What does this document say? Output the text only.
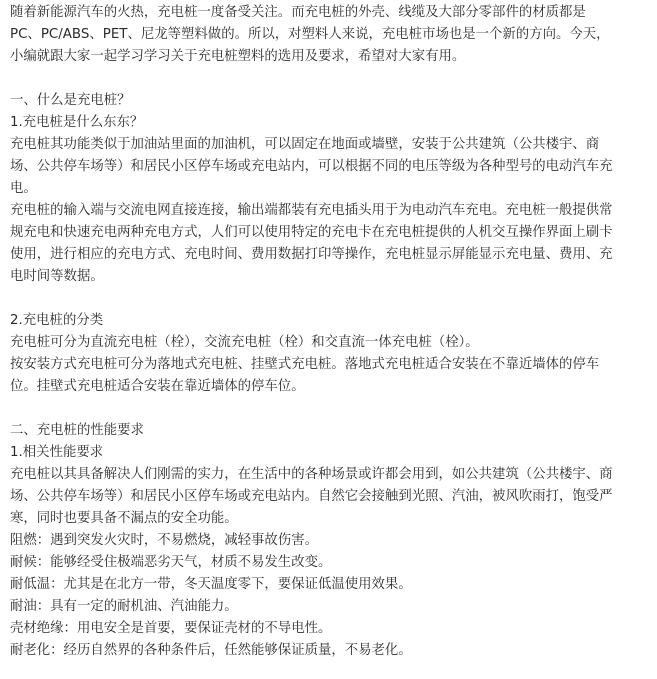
随着新能源汽车的火热，充电桩一度备受关注。而充电桩的外壳、线缆及大部分零部件的材质都是

PC、PC/ABS、PET、尼龙等塑料做的。所以，对塑料人来说，充电桩市场也是一个新的方向。今天，

小编就跟大家一起学习学习关于充电桩塑料的选用及要求，希望对大家有用。

一、什么是充电桩？

1.充电桩是什么东东？

充电桩其功能类似于加油站里面的加油机，可以固定在地面或墙壁，安装于公共建筑（公共楼宇、商

场、公共停车场等）和居民小区停车场或充电站内，可以根据不同的电压等级为各种型号的电动汽车充

电。

充电桩的输入端与交流电网直接连接，输出端都装有充电插头用于为电动汽车充电。充电桩一般提供常

规充电和快速充电两种充电方式，人们可以使用特定的充电卡在充电桩提供的人机交互操作界面上刷卡

使用，进行相应的充电方式、充电时间、费用数据打印等操作，充电桩显示屏能显示充电量、费用、充

电时间等数据。

2.充电桩的分类

充电桩可分为直流充电桩（栓），交流充电桩（栓）和交直流一体充电桩（栓）。

按安装方式充电桩可分为落地式充电桩、挂壁式充电桩。落地式充电桩适合安装在不靠近墙体的停车

位。挂壁式充电桩适合安装在靠近墙体的停车位。

二、充电桩的性能要求

1.相关性能要求

充电桩以其具备解决人们刚需的实力，在生活中的各种场景或许都会用到，如公共建筑（公共楼宇、商

场、公共停车场等）和居民小区停车场或充电站内。自然它会接触到光照、汽油，被风吹雨打，饱受严

寒，同时也要具备不漏点的安全功能。

阻燃：遇到突发火灾时，不易燃烧，减轻事故伤害。

耐候：能够经受住极端恶劣天气，材质不易发生改变。

耐低温：尤其是在北方一带，冬天温度零下，要保证低温使用效果。

耐油：具有一定的耐机油、汽油能力。

壳材绝缘：用电安全是首要，要保证壳材的不导电性。

耐老化：经历自然界的各种条件后，任然能够保证质量，不易老化。
